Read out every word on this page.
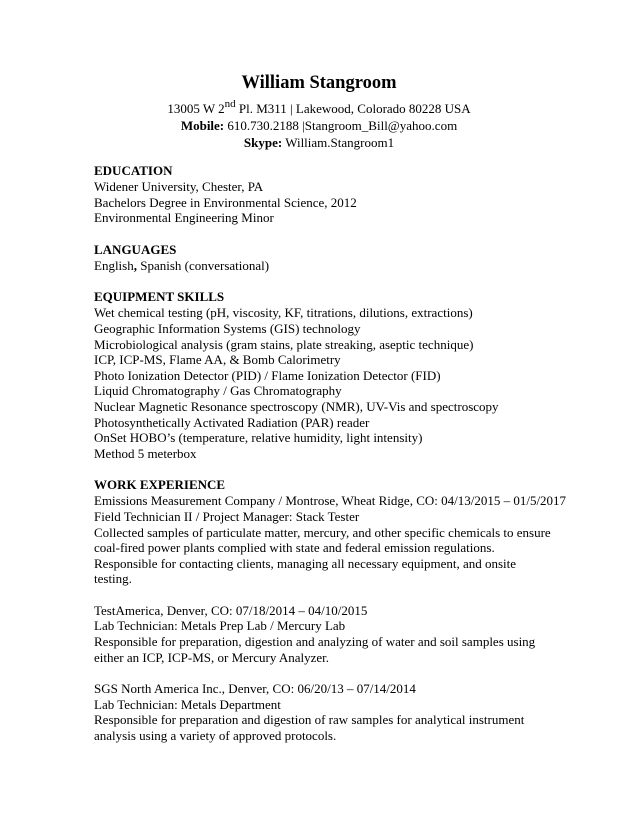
William Stangroom
13005 W 2nd Pl. M311 | Lakewood, Colorado 80228 USA
Mobile: 610.730.2188 |Stangroom_Bill@yahoo.com
Skype: William.Stangroom1
EDUCATION
Widener University, Chester, PA
Bachelors Degree in Environmental Science, 2012
Environmental Engineering Minor
LANGUAGES
English, Spanish (conversational)
EQUIPMENT SKILLS
Wet chemical testing (pH, viscosity, KF, titrations, dilutions, extractions)
Geographic Information Systems (GIS) technology
Microbiological analysis (gram stains, plate streaking, aseptic technique)
ICP, ICP-MS, Flame AA, & Bomb Calorimetry
Photo Ionization Detector (PID) / Flame Ionization Detector (FID)
Liquid Chromatography / Gas Chromatography
Nuclear Magnetic Resonance spectroscopy (NMR), UV-Vis and spectroscopy
Photosynthetically Activated Radiation (PAR) reader
OnSet HOBO’s (temperature, relative humidity, light intensity)
Method 5 meterbox
WORK EXPERIENCE
Emissions Measurement Company / Montrose, Wheat Ridge, CO: 04/13/2015 – 01/5/2017
Field Technician II / Project Manager: Stack Tester
Collected samples of particulate matter, mercury, and other specific chemicals to ensure coal-fired power plants complied with state and federal emission regulations. Responsible for contacting clients, managing all necessary equipment, and onsite testing.
TestAmerica, Denver, CO: 07/18/2014 – 04/10/2015
Lab Technician: Metals Prep Lab / Mercury Lab
Responsible for preparation, digestion and analyzing of water and soil samples using either an ICP, ICP-MS, or Mercury Analyzer.
SGS North America Inc., Denver, CO: 06/20/13 – 07/14/2014
Lab Technician: Metals Department
Responsible for preparation and digestion of raw samples for analytical instrument analysis using a variety of approved protocols.
